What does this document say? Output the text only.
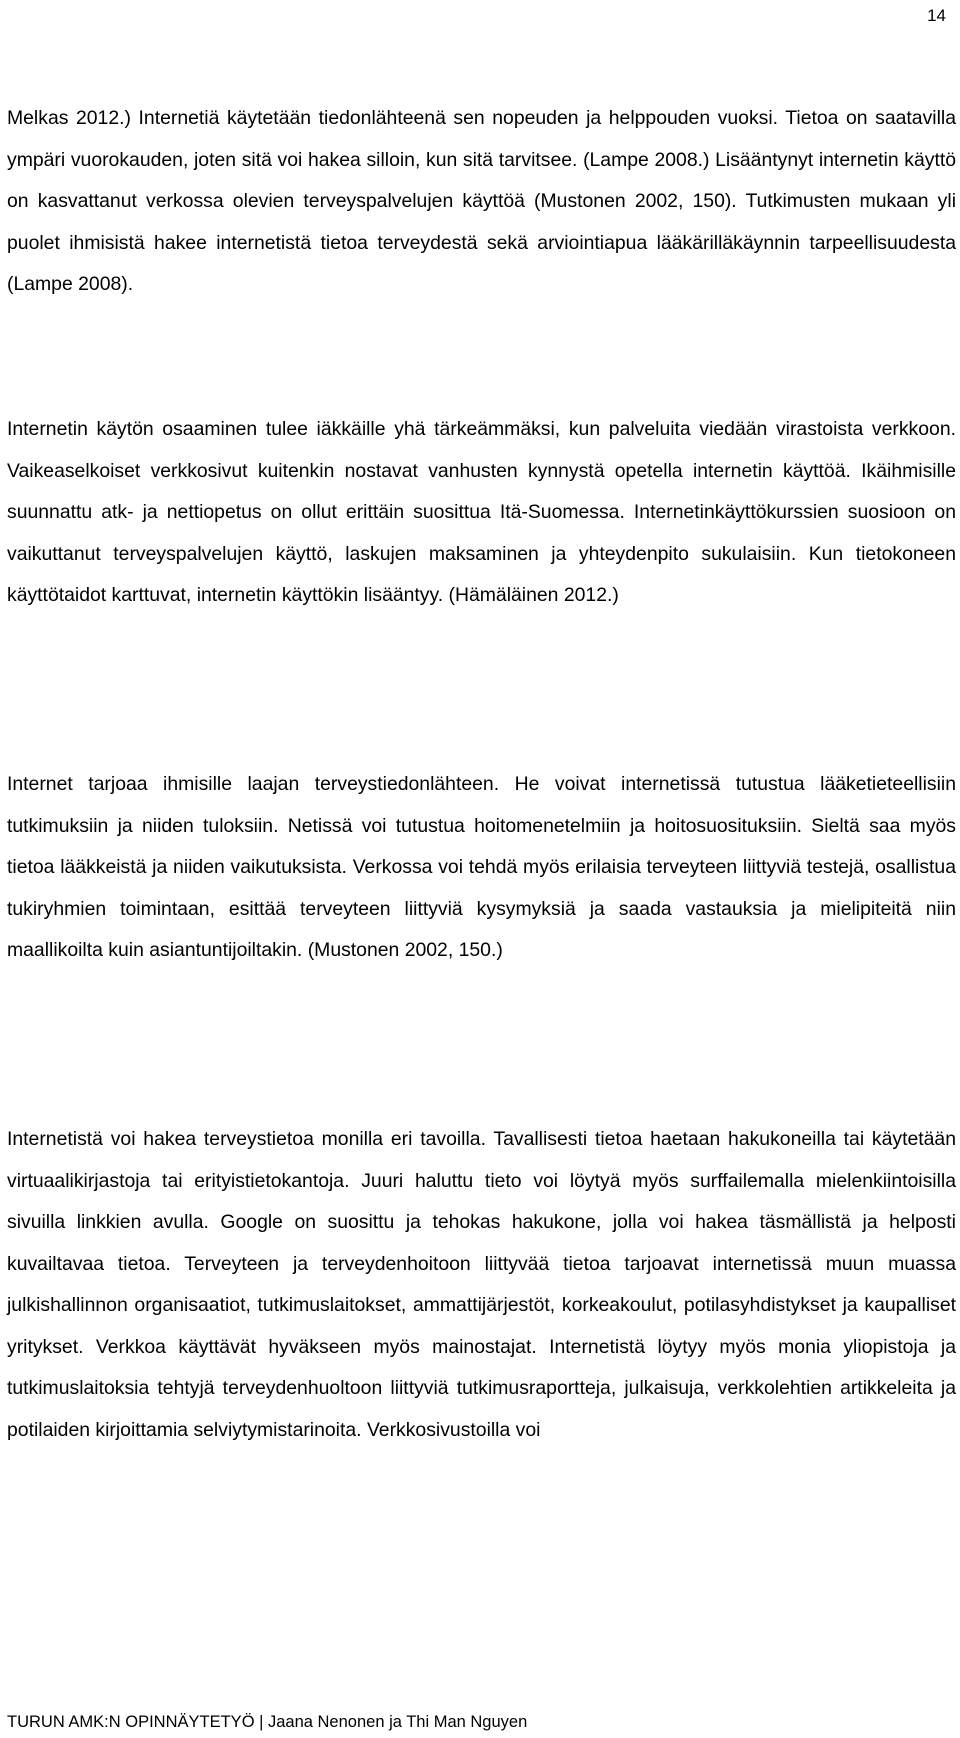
14

Melkas 2012.) Internetiä käytetään tiedonlähteenä sen nopeuden ja helppouden vuoksi. Tietoa on saatavilla ympäri vuorokauden, joten sitä voi hakea silloin, kun sitä tarvitsee. (Lampe 2008.) Lisääntynyt internetin käyttö on kasvattanut verkossa olevien terveyspalvelujen käyttöä (Mustonen 2002, 150). Tutkimusten mukaan yli puolet ihmisistä hakee internetistä tietoa terveydestä sekä arviointiapua lääkärilläkäynnin tarpeellisuudesta (Lampe 2008).

Internetin käytön osaaminen tulee iäkkäille yhä tärkeämmäksi, kun palveluita viedään virastoista verkkoon. Vaikeaselkoiset verkkosivut kuitenkin nostavat vanhusten kynnystä opetella internetin käyttöä. Ikäihmisille suunnattu atk- ja nettiopetus on ollut erittäin suosittua Itä-Suomessa. Internetinkäyttökurssien suosioon on vaikuttanut terveyspalvelujen käyttö, laskujen maksaminen ja yhteydenpito sukulaisiin. Kun tietokoneen käyttötaidot karttuvat, internetin käyttökin lisääntyy. (Hämäläinen 2012.)

Internet tarjoaa ihmisille laajan terveystiedonlähteen. He voivat internetissä tutustua lääketieteellisiin tutkimuksiin ja niiden tuloksiin. Netissä voi tutustua hoitomenetelmiin ja hoitosuosituksiin. Sieltä saa myös tietoa lääkkeistä ja niiden vaikutuksista. Verkossa voi tehdä myös erilaisia terveyteen liittyviä testejä, osallistua tukiryhmien toimintaan, esittää terveyteen liittyviä kysymyksiä ja saada vastauksia ja mielipiteitä niin maallikoilta kuin asiantuntijoiltakin. (Mustonen 2002, 150.)

Internetistä voi hakea terveystietoa monilla eri tavoilla. Tavallisesti tietoa haetaan hakukoneilla tai käytetään virtuaalikirjastoja tai erityistietokantoja. Juuri haluttu tieto voi löytyä myös surffailemalla mielenkiintoisilla sivuilla linkkien avulla. Google on suosittu ja tehokas hakukone, jolla voi hakea täsmällistä ja helposti kuvailtavaa tietoa. Terveyteen ja terveydenhoitoon liittyvää tietoa tarjoavat internetissä muun muassa julkishallinnon organisaatiot, tutkimuslaitokset, ammattijärjestöt, korkeakoulut, potilasyhdistykset ja kaupalliset yritykset. Verkkoa käyttävät hyväkseen myös mainostajat. Internetistä löytyy myös monia yliopistoja ja tutkimuslaitoksia tehtyjä terveydenhuoltoon liittyviä tutkimusraportteja, julkaisuja, verkkolehtien artikkeleita ja potilaiden kirjoittamia selviytymistarinoita. Verkkosivustoilla voi

TURUN AMK:N OPINNÄYTETYÖ | Jaana Nenonen ja Thi Man Nguyen
